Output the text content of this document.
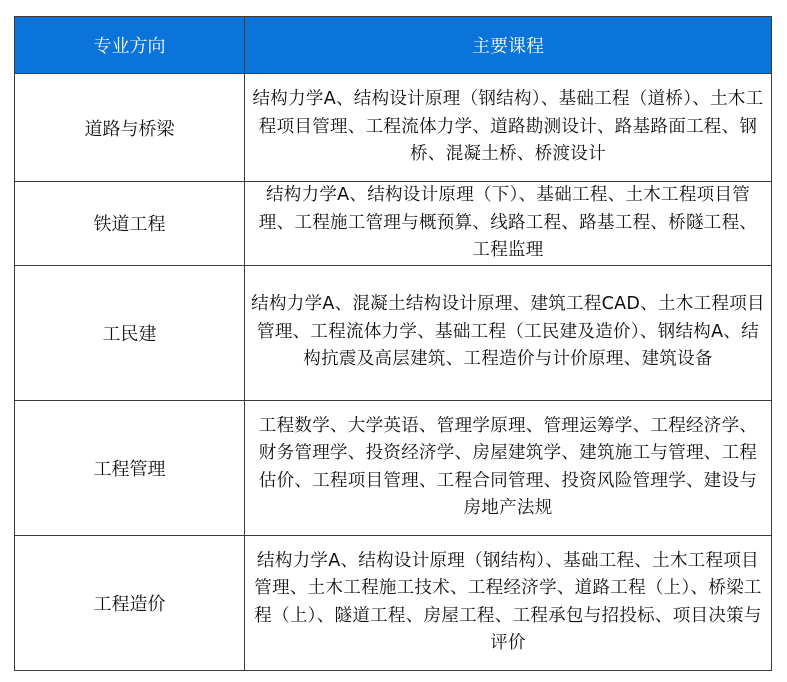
专业方向	主要课程
道路与桥梁	结构力学A、结构设计原理（钢结构）、基础工程（道桥）、土木工程项目管理、工程流体力学、道路勘测设计、路基路面工程、钢桥、混凝土桥、桥渡设计
铁道工程	结构力学A、结构设计原理（下）、基础工程、土木工程项目管理、工程施工管理与概预算、线路工程、路基工程、桥隧工程、工程监理
工民建	结构力学A、混凝土结构设计原理、建筑工程CAD、土木工程项目管理、工程流体力学、基础工程（工民建及造价）、钢结构A、结构抗震及高层建筑、工程造价与计价原理、建筑设备
工程管理	工程数学、大学英语、管理学原理、管理运筹学、工程经济学、财务管理学、投资经济学、房屋建筑学、建筑施工与管理、工程估价、工程项目管理、工程合同管理、投资风险管理学、建设与房地产法规
工程造价	结构力学A、结构设计原理（钢结构）、基础工程、土木工程项目管理、土木工程施工技术、工程经济学、道路工程（上）、桥梁工程（上）、隧道工程、房屋工程、工程承包与招投标、项目决策与评价
